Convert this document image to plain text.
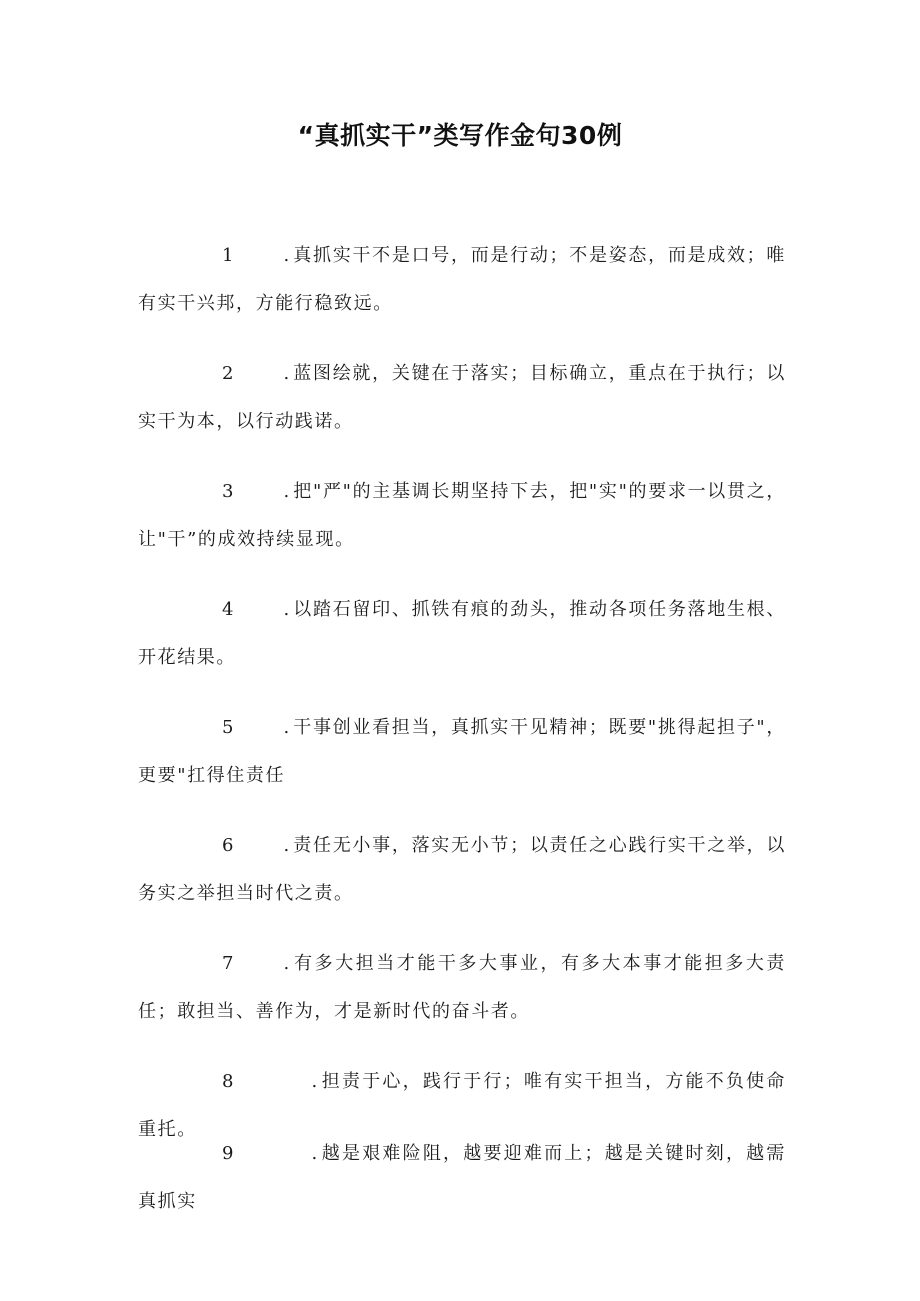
“真抓实干”类写作金句30例

1	. 真抓实干不是口号，而是行动；不是姿态，而是成效；唯有实干兴邦，方能行稳致远。

2	. 蓝图绘就，关键在于落实；目标确立，重点在于执行；以实干为本，以行动践诺。

3	. 把"严"的主基调长期坚持下去，把"实"的要求一以贯之，让"干”的成效持续显现。

4	. 以踏石留印、抓铁有痕的劲头，推动各项任务落地生根、开花结果。

5	. 干事创业看担当，真抓实干见精神；既要"挑得起担子"，更要"扛得住责任

6	. 责任无小事，落实无小节；以责任之心践行实干之举，以务实之举担当时代之责。

7	. 有多大担当才能干多大事业，有多大本事才能担多大责任；敢担当、善作为，才是新时代的奋斗者。

8	. 担责于心，践行于行；唯有实干担当，方能不负使命重托。

9	. 越是艰难险阻，越要迎难而上；越是关键时刻，越需真抓实
